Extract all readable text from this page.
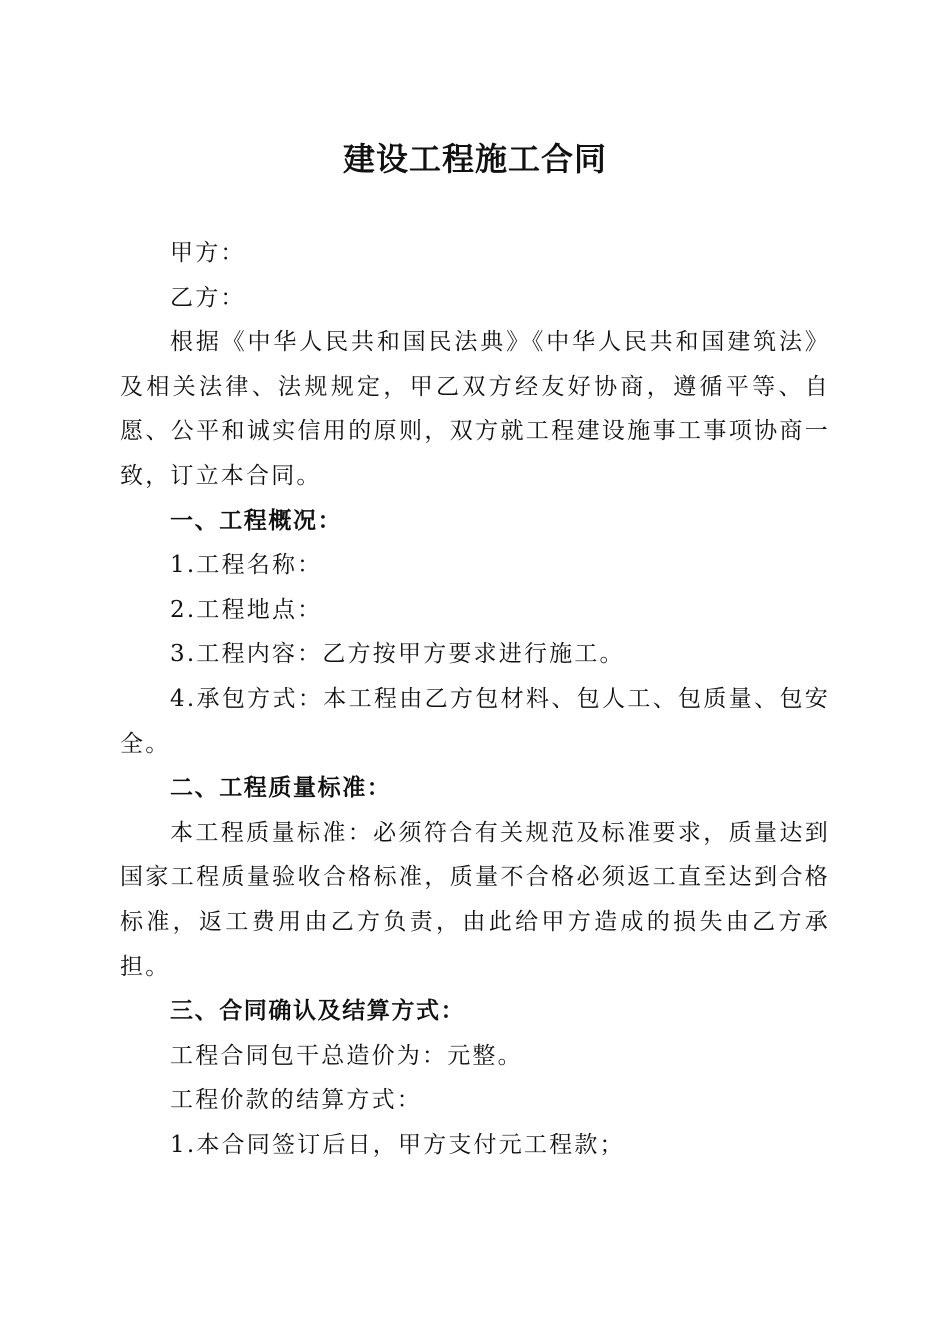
建设工程施工合同

甲方：

乙方：

根据《中华人民共和国民法典》《中华人民共和国建筑法》及相关法律、法规规定，甲乙双方经友好协商，遵循平等、自愿、公平和诚实信用的原则，双方就工程建设施事工事项协商一致，订立本合同。

一、工程概况：

1.工程名称：

2.工程地点：

3.工程内容：乙方按甲方要求进行施工。

4.承包方式：本工程由乙方包材料、包人工、包质量、包安全。

二、工程质量标准：

本工程质量标准：必须符合有关规范及标准要求，质量达到国家工程质量验收合格标准，质量不合格必须返工直至达到合格标准，返工费用由乙方负责，由此给甲方造成的损失由乙方承担。

三、合同确认及结算方式：

工程合同包干总造价为：元整。

工程价款的结算方式：

1.本合同签订后日，甲方支付元工程款；
